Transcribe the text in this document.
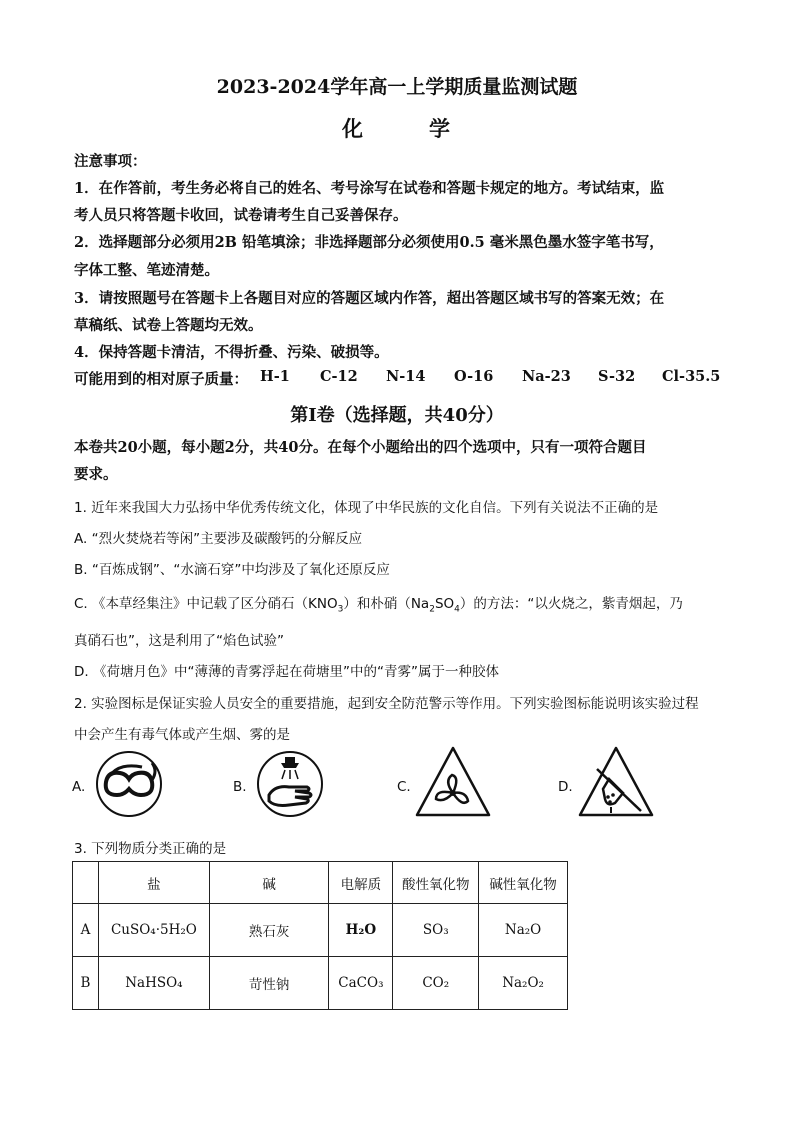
2023-2024学年高一上学期质量监测试题
化	学
注意事项：
1．在作答前，考生务必将自己的姓名、考号涂写在试卷和答题卡规定的地方。考试结束，监
考人员只将答题卡收回，试卷请考生自己妥善保存。
2．选择题部分必须用2B 铅笔填涂；非选择题部分必须使用0.5 毫米黑色墨水签字笔书写，
字体工整、笔迹清楚。
3．请按照题号在答题卡上各题目对应的答题区域内作答，超出答题区域书写的答案无效；在
草稿纸、试卷上答题均无效。
4．保持答题卡清洁，不得折叠、污染、破损等。
可能用到的相对原子质量： H-1	C-12	N-14	O-16	Na-23	S-32	Cl-35.5
第Ⅰ卷（选择题，共40分）
本卷共20小题，每小题2分，共40分。在每个小题给出的四个选项中，只有一项符合题目
要求。
1. 近年来我国大力弘扬中华优秀传统文化，体现了中华民族的文化自信。下列有关说法不正确的是
A. “烈火焚烧若等闲”主要涉及碳酸钙的分解反应
B. “百炼成钢”、“水滴石穿”中均涉及了氧化还原反应
C. 《本草经集注》中记载了区分硝石$(KNO_3)$和朴硝$(Na_2SO_4)$的方法：“以火烧之，紫青烟起，乃
真硝石也”，这是利用了“焰色试验”
D. 《荷塘月色》中“薄薄的青雾浮起在荷塘里”中的“青雾”属于一种胶体
2. 实验图标是保证实验人员安全的重要措施，起到安全防范警示等作用。下列实验图标能说明该实验过程
中会产生有毒气体或产生烟、雾的是
A.	B.	C.	D.
3. 下列物质分类正确的是
	盐	碱	电解质	酸性氧化物	碱性氧化物
A	CuSO₄·5H₂O	熟石灰	H₂O	SO₃	Na₂O
B	NaHSO₄	苛性钠	CaCO₃	CO₂	Na₂O₂
